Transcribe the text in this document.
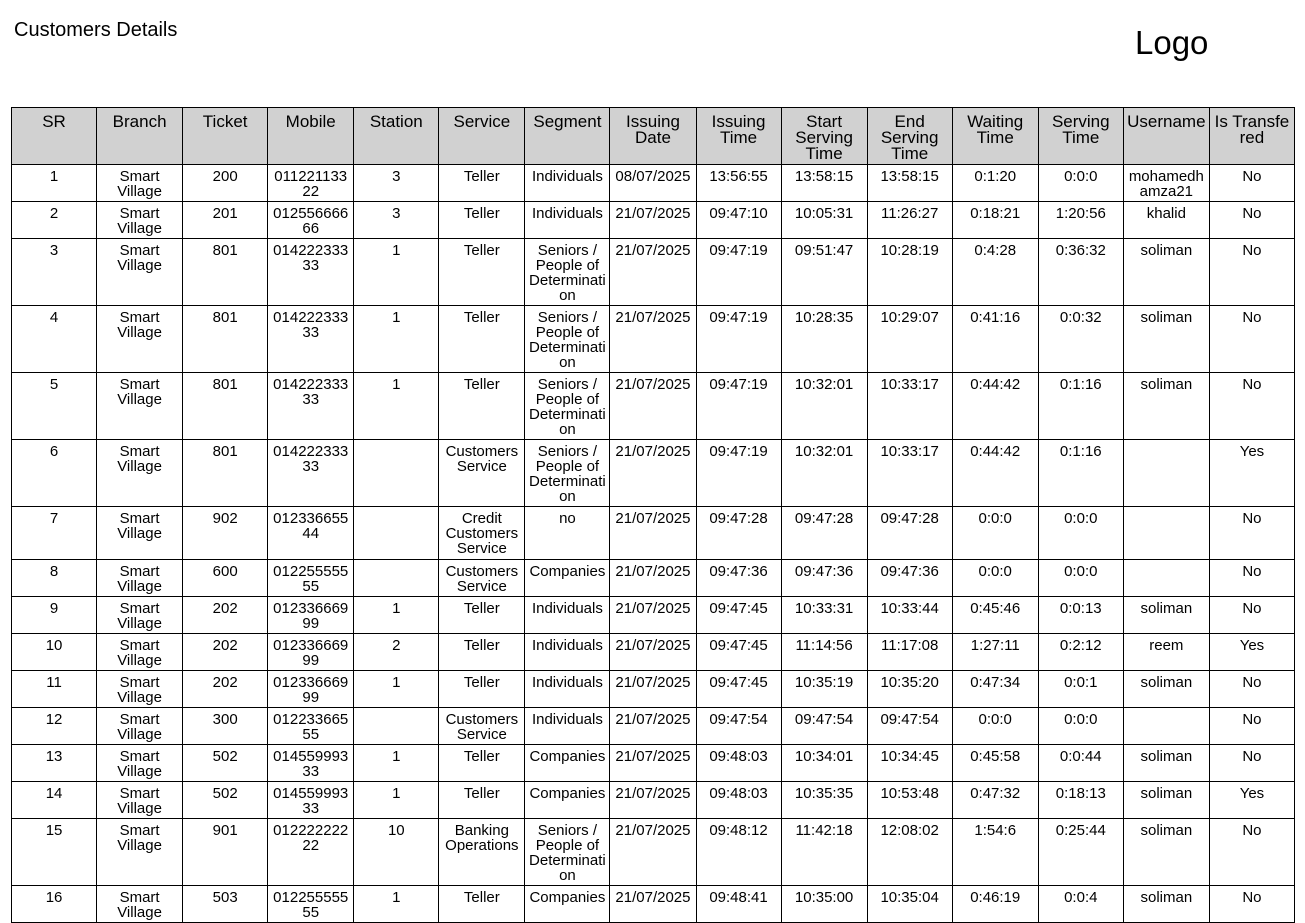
Customers Details	Logo
SR	Branch	Ticket	Mobile	Station	Service	Segment	Issuing Date	Issuing Time	Start Serving Time	End Serving Time	Waiting Time	Serving Time	Username	Is Transfered
1	Smart Village	200	01122113322	3	Teller	Individuals	08/07/2025	13:56:55	13:58:15	13:58:15	0:1:20	0:0:0	mohamedhamza21	No
2	Smart Village	201	01255666666	3	Teller	Individuals	21/07/2025	09:47:10	10:05:31	11:26:27	0:18:21	1:20:56	khalid	No
3	Smart Village	801	01422233333	1	Teller	Seniors / People of Determination	21/07/2025	09:47:19	09:51:47	10:28:19	0:4:28	0:36:32	soliman	No
4	Smart Village	801	01422233333	1	Teller	Seniors / People of Determination	21/07/2025	09:47:19	10:28:35	10:29:07	0:41:16	0:0:32	soliman	No
5	Smart Village	801	01422233333	1	Teller	Seniors / People of Determination	21/07/2025	09:47:19	10:32:01	10:33:17	0:44:42	0:1:16	soliman	No
6	Smart Village	801	01422233333		Customers Service	Seniors / People of Determination	21/07/2025	09:47:19	10:32:01	10:33:17	0:44:42	0:1:16		Yes
7	Smart Village	902	01233665544		Credit Customers Service	no	21/07/2025	09:47:28	09:47:28	09:47:28	0:0:0	0:0:0		No
8	Smart Village	600	01225555555		Customers Service	Companies	21/07/2025	09:47:36	09:47:36	09:47:36	0:0:0	0:0:0		No
9	Smart Village	202	01233666999	1	Teller	Individuals	21/07/2025	09:47:45	10:33:31	10:33:44	0:45:46	0:0:13	soliman	No
10	Smart Village	202	01233666999	2	Teller	Individuals	21/07/2025	09:47:45	11:14:56	11:17:08	1:27:11	0:2:12	reem	Yes
11	Smart Village	202	01233666999	1	Teller	Individuals	21/07/2025	09:47:45	10:35:19	10:35:20	0:47:34	0:0:1	soliman	No
12	Smart Village	300	01223366555		Customers Service	Individuals	21/07/2025	09:47:54	09:47:54	09:47:54	0:0:0	0:0:0		No
13	Smart Village	502	01455999333	1	Teller	Companies	21/07/2025	09:48:03	10:34:01	10:34:45	0:45:58	0:0:44	soliman	No
14	Smart Village	502	01455999333	1	Teller	Companies	21/07/2025	09:48:03	10:35:35	10:53:48	0:47:32	0:18:13	soliman	Yes
15	Smart Village	901	01222222222	10	Banking Operations	Seniors / People of Determination	21/07/2025	09:48:12	11:42:18	12:08:02	1:54:6	0:25:44	soliman	No
16	Smart Village	503	01225555555	1	Teller	Companies	21/07/2025	09:48:41	10:35:00	10:35:04	0:46:19	0:0:4	soliman	No
